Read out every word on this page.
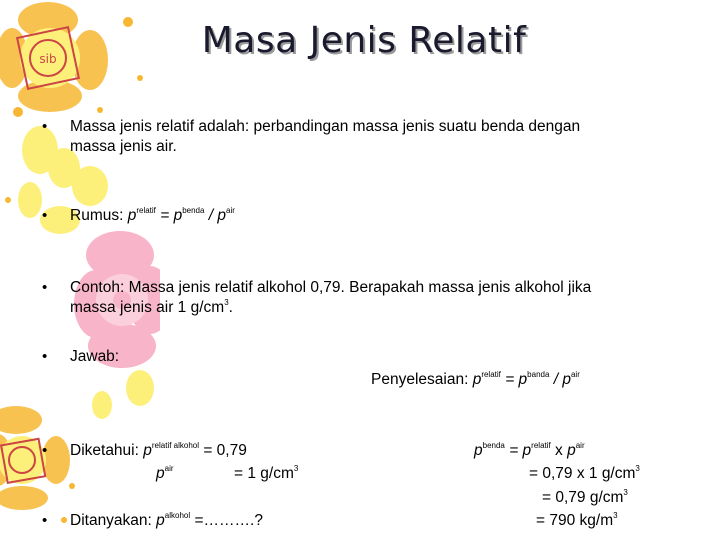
sib	Masa Jenis Relatif
• Massa jenis relatif adalah: perbandingan massa jenis suatu benda dengan
massa jenis air.
• Rumus: $p^{relatif} = p^{benda} / p^{air}$
• Contoh: Massa jenis relatif alkohol 0,79. Berapakah massa jenis alkohol jika
massa jenis air 1 $g/cm^3$.
• Jawab:
Penyelesaian: $p^{relatif} = p^{banda} / p^{air}$
• Diketahui: $p^{relatif alkohol} = 0,79$
$p^{air}$	= 1 $g/cm^3$
$p^{benda} = p^{relatif}$ x $p^{air}$
= 0,79 x 1 $g/cm^3$
= 0,79 $g/cm^3$
• Ditanyakan: $p^{alkohol}$ =……….?	= 790 $kg/m^3$
